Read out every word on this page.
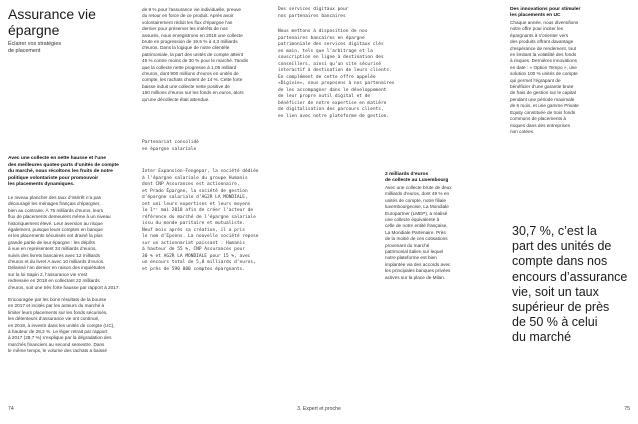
Assurance vie
épargne
Éclairer vos stratégies
de placement
Avec une collecte en nette hausse et l’une
des meilleures quotes-parts d’unités de compte
du marché, nous récoltons les fruits de notre
politique volontariste pour promouvoir
les placements dynamiques.
Le niveau plancher des taux d’intérêt n’a pas
découragé les ménages français d’épargner,
bien au contraire. À 75 milliards d’euros, leurs
flux de placements demeurent même à un niveau
historiquement élevé. Leur aversion au risque
également, puisque leurs comptes en banque
et les placements sécurisés ont drainé la plus
grande partie de leur épargne : les dépôts
à vue en représentent 34 milliards d’euros,
suivis des livrets bancaires avec 12 milliards
d’euros et du livret A avec 10 milliards d’euros.
Délaissé l’an dernier en raison des inquiétudes
sur la loi Sapin 2, l’assurance vie s’est
redressée en 2018 en collectant 22 milliards
d’euros, soit une très forte hausse par rapport à 2017.
Encouragée par les bons résultats de la bourse
en 2017 et incités par les acteurs du marché à
limiter leurs placements sur les fonds sécurisés,
les détenteurs d’assurance vie ont continué,
en 2018, à investir dans les unités de compte (UC),
à hauteur de 28,2 %. Le léger retrait par rapport
à 2017 (28,7 %) s’explique par la dégradation des
marchés financiers au second semestre. Dans
le même temps, le volume des rachats a baissé
de 9 % pour l’assurance vie individuelle, preuve
du retour en force de ce produit. Après avoir
volontairement réduit les flux d’épargne l’an
dernier pour préserver les intérêts de nos
assurés, nous enregistrons en 2018 une collecte
brute en progression de 19,5 % à 4,3 milliards
d’euros. Dans la logique de notre clientèle
patrimoniale, la part des unités de compte atteint
45 % contre moins de 30 % pour le marché. Tandis
que la collecte nette progresse à 1,05 milliard
d’euros, dont 900 millions d’euros en unités de
compte, les rachats chutent de 14 %. Cette forte
baisse induit une collecte nette positive de
150 millions d’euros sur les fonds en euros, alors
qu’une décollecte était attendue.
Partenariat consolidé
en épargne salariale
Inter Expansion-Fongepar, la société dédiée
à l’épargne salariale du groupe Humanis
dont CNP Assurances est actionnaire,
et Prado Épargne, la société de gestion
d’épargne salariale d’AG2R LA MONDIALE,
ont uni leurs expertises et leurs moyens
le 1ᵉʳ mai 2018 afin de créer l’acteur de
référence du marché de l’épargne salariale
issu du monde paritaire et mutualiste.
Neuf mois après sa création, il a pris
le nom d’Epsens. La nouvelle société repose
sur un actionnariat paissant : Humanis
à hauteur de 55 %, CNP Assurances pour
30 % et AG2R LA MONDIALE pour 15 %, avec
un encours total de 5,8 milliards d’euros,
et près de 590 000 comptes épargnants.
Des services digitaux pour
nos partenaires bancaires
Nous mettons à disposition de nos
partenaires bancaires en épargne
patrimoniale des services digitaux clés
en main, tels que l’arbitrage et la
souscription en ligne à destination des
conseillers, ainsi qu’un site sécurisé
interactif à destination de leurs clients.
En complément de cette offre appelée
«Digivie», nous proposons à nos partenaires
de les accompagner dans le développement
de leur propre outil digital et de
bénéficier de notre expertise en matière
de digitalisation des parcours clients,
en lien avec notre plateforme de gestion.
2 milliards d’euros
de collecte au Luxembourg
Avec une collecte brute de deux
milliards d’euros, dont 49 % en
unités de compte, notre filiale
luxembourgeoise, La Mondiale
Europartner (LMEP), a réalisé
une collecte équivalente à
celle de notre entité française,
La Mondiale Partenaire. Près
de la moitié de ces cotisations
provenant du marché
patrimonial italien sur lequel
notre plateforme est bien
implantée via des accords avec
les principales banques privées
actives sur la place de Milan.
Des innovations pour stimuler
les placements en UC
Chaque année, nous diversifions
notre offre pour inciter les
épargnants à s’orienter vers
des produits offrant davantage
d’espérance de rendement, tout
en limitant la volatilité des fonds
à risques. Dernières innovations
en date : « Option Tempo », une
solution 100 % unités de compte
qui permet l’égrapant de
bénéficier d’une garantie brute
de frais de gestion sur le capital
pendant une période maximale
de 6 mois, et une gamme Private
Equity constituée de trois fonds
communs de placements à
risques dans des entreprises
non cotées.
30,7 %, c’est la
part des unités de
compte dans nos
encours d’assurance
vie, soit un taux
supérieur de près
de 50 % à celui
du marché
74	3. Expert et proche	75
